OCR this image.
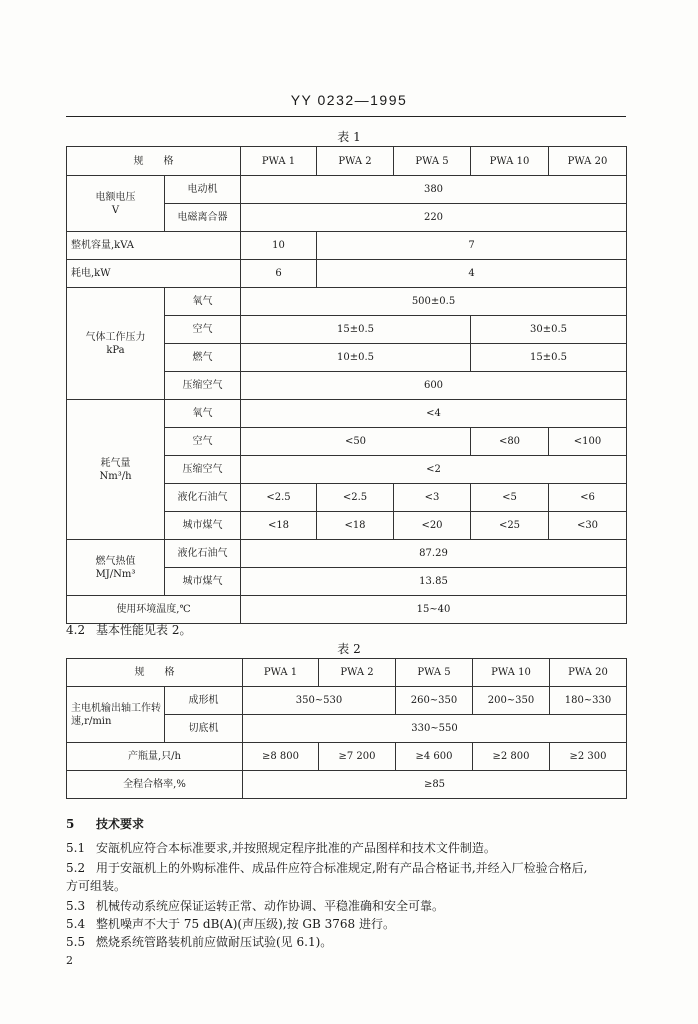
YY 0232—1995
表 1
规　　格		PWA 1	PWA 2	PWA 5	PWA 10	PWA 20
电额电压
V	电动机	380				
	电磁离合器	220				
整机容量,kVA		10	7			
耗电,kW		6	4			
气体工作压力
kPa	氧气	500±0.5				
	空气	15±0.5			30±0.5	
	燃气	10±0.5			15±0.5	
	压缩空气	600				
耗气量
Nm³/h	氧气	<4				
	空气	<50			<80	<100
	压缩空气	<2				
	液化石油气	<2.5	<2.5	<3	<5	<6
	城市煤气	<18	<18	<20	<25	<30
燃气热值
MJ/Nm³	液化石油气	87.29				
	城市煤气	13.85				
使用环境温度,℃		15~40				
4.2 基本性能见表 2。
表 2
规　　格		PWA 1	PWA 2	PWA 5	PWA 10	PWA 20
主电机输出轴工作转速,r/min	成形机	350~530		260~350	200~350	180~330
	切底机	330~550				
产瓶量,只/h		≥8 800	≥7 200	≥4 600	≥2 800	≥2 300
全程合格率,%		≥85				
5 技术要求
5.1 安瓿机应符合本标准要求,并按照规定程序批准的产品图样和技术文件制造。
5.2 用于安瓿机上的外购标准件、成品件应符合标准规定,附有产品合格证书,并经入厂检验合格后,
方可组装。
5.3 机械传动系统应保证运转正常、动作协调、平稳准确和安全可靠。
5.4 整机噪声不大于 75 dB(A)(声压级),按 GB 3768 进行。
5.5 燃烧系统管路装机前应做耐压试验(见 6.1)。
2
